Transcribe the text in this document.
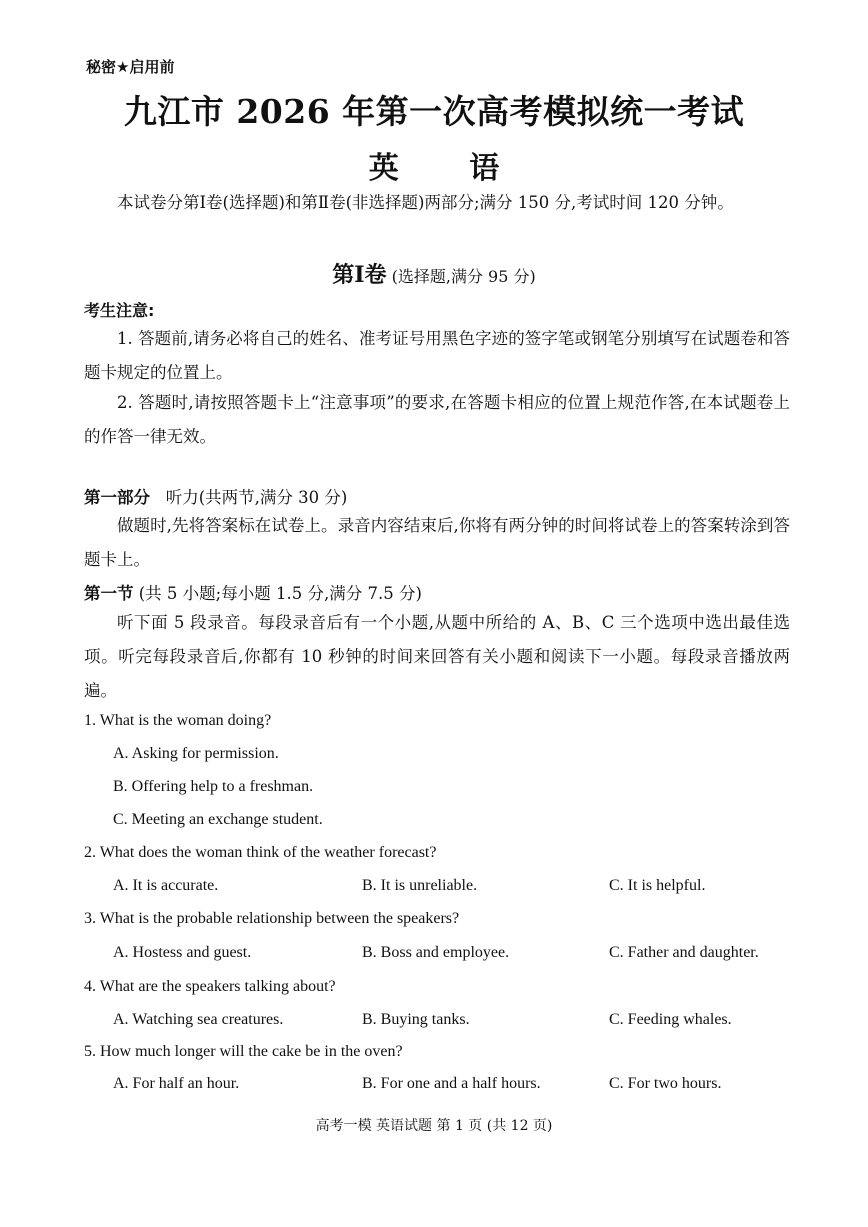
秘密★启用前
九江市 2026 年第一次高考模拟统一考试
英 语
本试卷分第Ⅰ卷(选择题)和第Ⅱ卷(非选择题)两部分;满分 150 分,考试时间 120 分钟。
第Ⅰ卷 (选择题,满分 95 分)
考生注意:
1. 答题前,请务必将自己的姓名、准考证号用黑色字迹的签字笔或钢笔分别填写在试题卷和答题卡规定的位置上。
2. 答题时,请按照答题卡上“注意事项”的要求,在答题卡相应的位置上规范作答,在本试题卷上的作答一律无效。
第一部分 听力(共两节,满分 30 分)
做题时,先将答案标在试卷上。录音内容结束后,你将有两分钟的时间将试卷上的答案转涂到答题卡上。
第一节 (共 5 小题;每小题 1.5 分,满分 7.5 分)
听下面 5 段录音。每段录音后有一个小题,从题中所给的 A、B、C 三个选项中选出最佳选项。听完每段录音后,你都有 10 秒钟的时间来回答有关小题和阅读下一小题。每段录音播放两遍。
1. What is the woman doing?
A. Asking for permission.
B. Offering help to a freshman.
C. Meeting an exchange student.
2. What does the woman think of the weather forecast?
A. It is accurate.	B. It is unreliable.	C. It is helpful.
3. What is the probable relationship between the speakers?
A. Hostess and guest.	B. Boss and employee.	C. Father and daughter.
4. What are the speakers talking about?
A. Watching sea creatures.	B. Buying tanks.	C. Feeding whales.
5. How much longer will the cake be in the oven?
A. For half an hour.	B. For one and a half hours.	C. For two hours.
高考一模 英语试题 第 1 页 (共 12 页)
